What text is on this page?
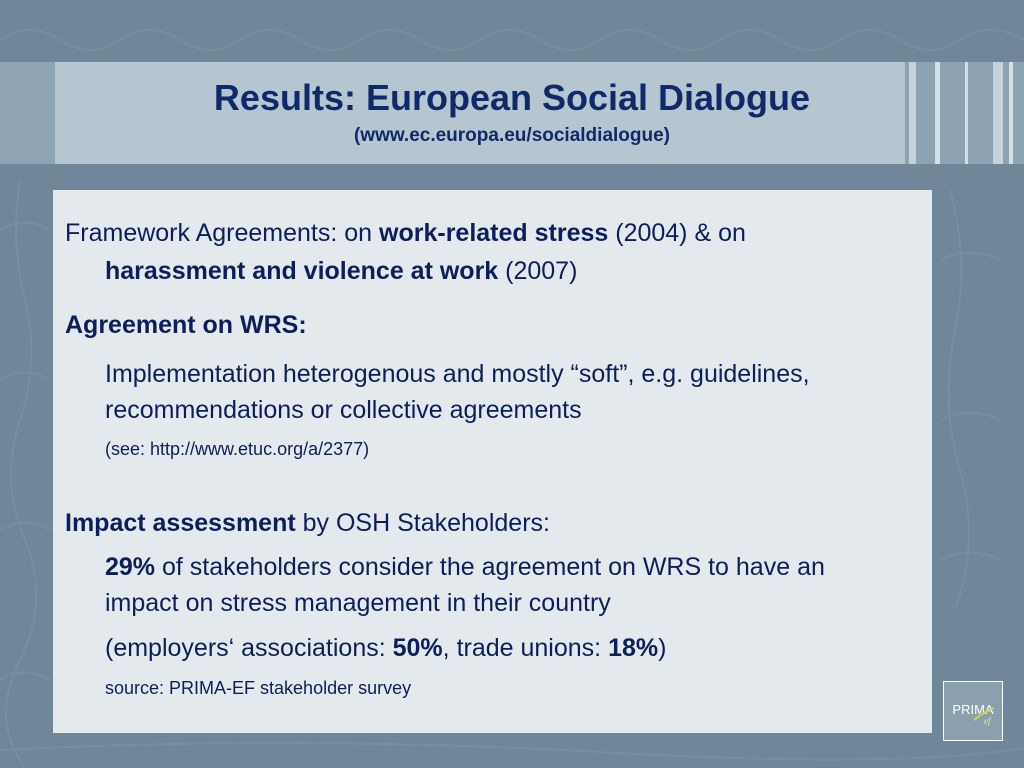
Results: European Social Dialogue
(www.ec.europa.eu/socialdialogue)
Framework Agreements: on work-related stress (2004) & on
harassment and violence at work (2007)
Agreement on WRS:
Implementation heterogenous and mostly “soft”, e.g. guidelines, recommendations or collective agreements
(see: http://www.etuc.org/a/2377)
Impact assessment by OSH Stakeholders:
29% of stakeholders consider the agreement on WRS to have an impact on stress management in their country
(employers‘ associations: 50%, trade unions: 18%)
source: PRIMA-EF stakeholder survey
PRIMA
ef
